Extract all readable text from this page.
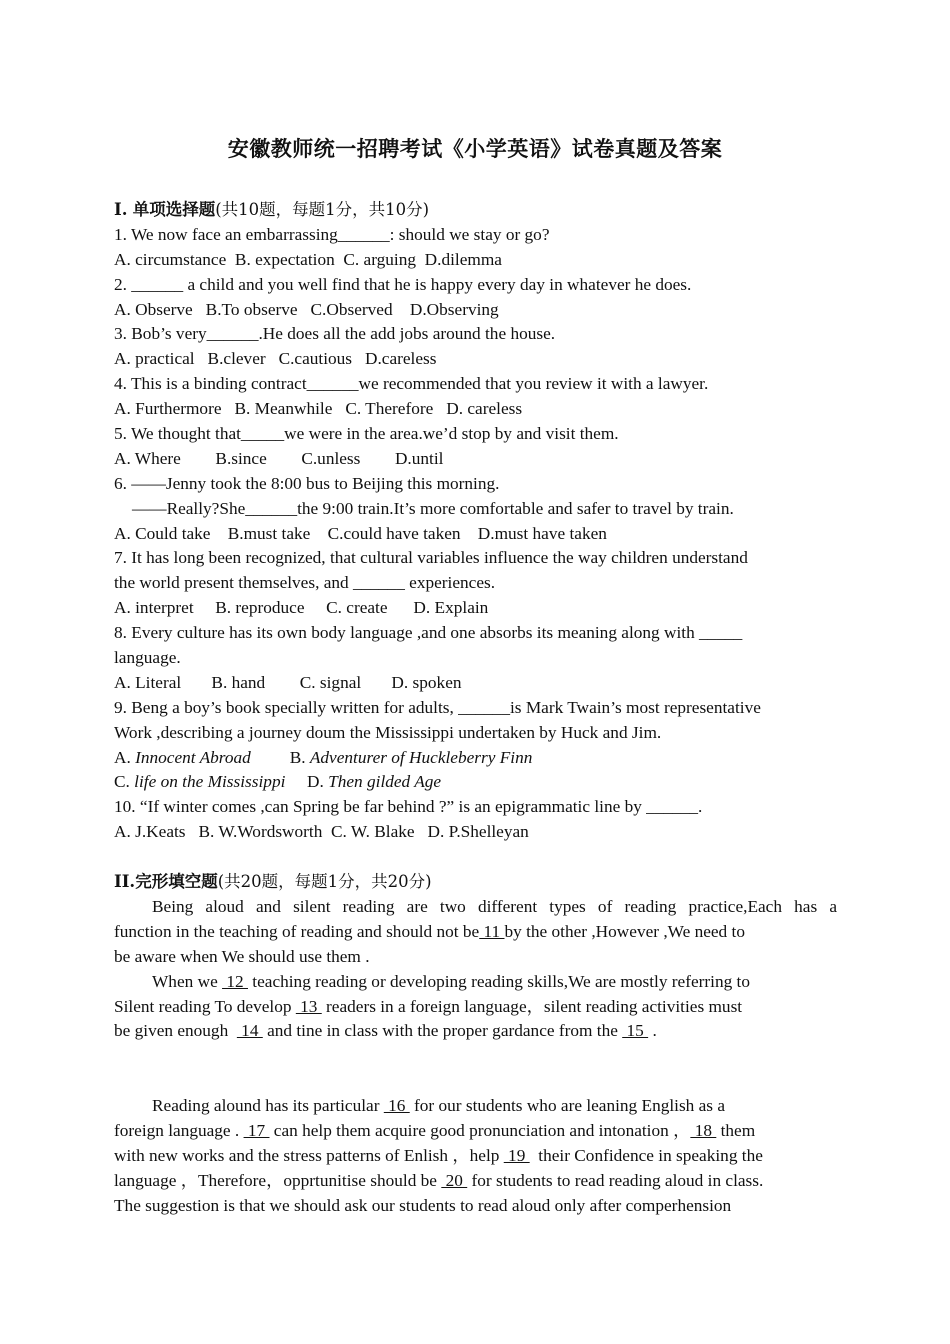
安徽教师统一招聘考试《小学英语》试卷真题及答案
I. 单项选择题(共10题，每题1分，共10分)
1. We now face an embarrassing______: should we stay or go?
A. circumstance  B. expectation  C. arguing  D.dilemma
2. ______ a child and you well find that he is happy every day in whatever he does.
A. Observe   B.To observe   C.Observed    D.Observing
3. Bob’s very______.He does all the add jobs around the house.
A. practical   B.clever   C.cautious   D.careless
4. This is a binding contract______we recommended that you review it with a lawyer.
A. Furthermore   B. Meanwhile   C. Therefore   D. careless
5. We thought that_____we were in the area.we’d stop by and visit them.
A. Where        B.since        C.unless        D.until
6. ——Jenny took the 8:00 bus to Beijing this morning.
——Really?She______the 9:00 train.It’s more comfortable and safer to travel by train.
A. Could take    B.must take    C.could have taken    D.must have taken
7. It has long been recognized, that cultural variables influence the way children understand
the world present themselves, and ______ experiences.
A. interpret     B. reproduce     C. create      D. Explain
8. Every culture has its own body language ,and one absorbs its meaning along with _____
language.
A. Literal       B. hand        C. signal       D. spoken
9. Beng a boy’s book specially written for adults, ______is Mark Twain’s most representative
Work ,describing a journey doum the Mississippi undertaken by Huck and Jim.
A. Innocent Abroad B. Adventurer of Huckleberry Finn
C. life on the Mississippi D. Then gilded Age
10. “If winter comes ,can Spring be far behind ?” is an epigrammatic line by ______.
A. J.Keats   B. W.Wordsworth  C. W. Blake   D. P.Shelleyan
II.完形填空题(共20题，每题1分，共20分)
Being aloud and silent reading are two different types of reading practice,Each has a
function in the teaching of reading and should not be 11 by the other ,However ,We need to
be aware when We should use them .
When we  12  teaching reading or developing reading skills,We are mostly referring to
Silent reading To develop  13  readers in a foreign language，silent reading activities must
be given enough   14  and tine in class with the proper gardance from the  15  .
Reading alound has its particular  16  for our students who are leaning English as a
foreign language .  17  can help them acquire good pronunciation and intonation ， 18  them
with new works and the stress patterns of Enlish ，help  19   their Confidence in speaking the
language ，Therefore，opprtunitise should be  20  for students to read reading aloud in class.
The suggestion is that we should ask our students to read aloud only after comperhension
